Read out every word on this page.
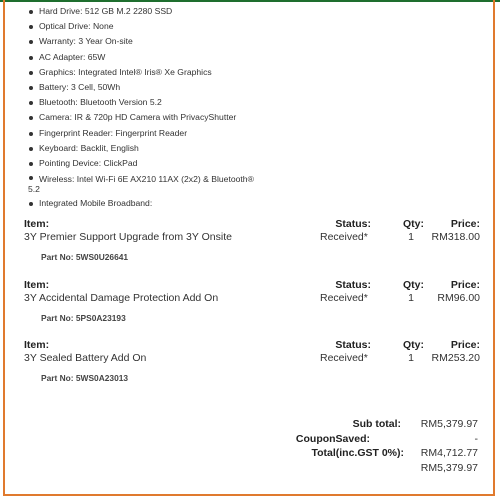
Hard Drive: 512 GB M.2 2280 SSD
Optical Drive: None
Warranty: 3 Year On-site
AC Adapter: 65W
Graphics: Integrated Intel® Iris® Xe Graphics
Battery: 3 Cell, 50Wh
Bluetooth: Bluetooth Version 5.2
Camera: IR & 720p HD Camera with PrivacyShutter
Fingerprint Reader: Fingerprint Reader
Keyboard: Backlit, English
Pointing Device: ClickPad
Wireless: Intel Wi-Fi 6E AX210 11AX (2x2) & Bluetooth®
5.2
Integrated Mobile Broadband:
Item:	Status:	Qty:	Price:
3Y Premier Support Upgrade from 3Y Onsite	Received*	1 RM318.00
Part No: 5WS0U26641
Item:	Status:	Qty:	Price:
3Y Accidental Damage Protection Add On	Received*	1 RM96.00
Part No: 5PS0A23193
Item:	Status:	Qty:	Price:
3Y Sealed Battery Add On	Received*	1 RM253.20
Part No: 5WS0A23013
Sub total: RM5,379.97
CouponSaved:	-
Total(inc.GST 0%): RM4,712.77
RM5,379.97
